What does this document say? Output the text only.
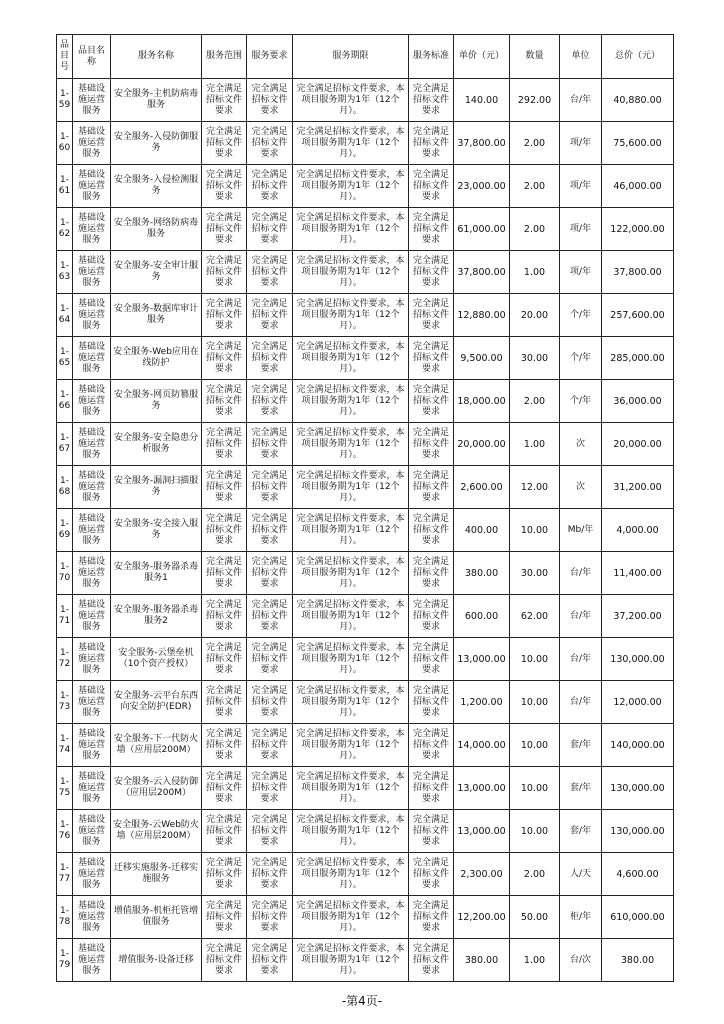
品目号	品目名称	服务名称	服务范围	服务要求	服务期限	服务标准	单价（元）	数量	单位	总价（元）
1-59	基础设施运营服务	安全服务-主机防病毒服务	完全满足招标文件要求	完全满足招标文件要求	完全满足招标文件要求，本项目服务期为1年（12个月）。	完全满足招标文件要求	140.00	292.00	台/年	40,880.00
1-60	基础设施运营服务	安全服务-入侵防御服务	完全满足招标文件要求	完全满足招标文件要求	完全满足招标文件要求，本项目服务期为1年（12个月）。	完全满足招标文件要求	37,800.00	2.00	项/年	75,600.00
1-61	基础设施运营服务	安全服务-入侵检测服务	完全满足招标文件要求	完全满足招标文件要求	完全满足招标文件要求，本项目服务期为1年（12个月）。	完全满足招标文件要求	23,000.00	2.00	项/年	46,000.00
1-62	基础设施运营服务	安全服务-网络防病毒服务	完全满足招标文件要求	完全满足招标文件要求	完全满足招标文件要求，本项目服务期为1年（12个月）。	完全满足招标文件要求	61,000.00	2.00	项/年	122,000.00
1-63	基础设施运营服务	安全服务-安全审计服务	完全满足招标文件要求	完全满足招标文件要求	完全满足招标文件要求，本项目服务期为1年（12个月）。	完全满足招标文件要求	37,800.00	1.00	项/年	37,800.00
1-64	基础设施运营服务	安全服务-数据库审计服务	完全满足招标文件要求	完全满足招标文件要求	完全满足招标文件要求，本项目服务期为1年（12个月）。	完全满足招标文件要求	12,880.00	20.00	个/年	257,600.00
1-65	基础设施运营服务	安全服务-Web应用在线防护	完全满足招标文件要求	完全满足招标文件要求	完全满足招标文件要求，本项目服务期为1年（12个月）。	完全满足招标文件要求	9,500.00	30.00	个/年	285,000.00
1-66	基础设施运营服务	安全服务-网页防篡服务	完全满足招标文件要求	完全满足招标文件要求	完全满足招标文件要求，本项目服务期为1年（12个月）。	完全满足招标文件要求	18,000.00	2.00	个/年	36,000.00
1-67	基础设施运营服务	安全服务-安全隐患分析服务	完全满足招标文件要求	完全满足招标文件要求	完全满足招标文件要求，本项目服务期为1年（12个月）。	完全满足招标文件要求	20,000.00	1.00	次	20,000.00
1-68	基础设施运营服务	安全服务-漏洞扫描服务	完全满足招标文件要求	完全满足招标文件要求	完全满足招标文件要求，本项目服务期为1年（12个月）。	完全满足招标文件要求	2,600.00	12.00	次	31,200.00
1-69	基础设施运营服务	安全服务-安全接入服务	完全满足招标文件要求	完全满足招标文件要求	完全满足招标文件要求，本项目服务期为1年（12个月）。	完全满足招标文件要求	400.00	10.00	Mb/年	4,000.00
1-70	基础设施运营服务	安全服务-服务器杀毒服务1	完全满足招标文件要求	完全满足招标文件要求	完全满足招标文件要求，本项目服务期为1年（12个月）。	完全满足招标文件要求	380.00	30.00	台/年	11,400.00
1-71	基础设施运营服务	安全服务-服务器杀毒服务2	完全满足招标文件要求	完全满足招标文件要求	完全满足招标文件要求，本项目服务期为1年（12个月）。	完全满足招标文件要求	600.00	62.00	台/年	37,200.00
1-72	基础设施运营服务	安全服务-云堡垒机（10个资产授权）	完全满足招标文件要求	完全满足招标文件要求	完全满足招标文件要求，本项目服务期为1年（12个月）。	完全满足招标文件要求	13,000.00	10.00	台/年	130,000.00
1-73	基础设施运营服务	安全服务-云平台东西向安全防护(EDR)	完全满足招标文件要求	完全满足招标文件要求	完全满足招标文件要求，本项目服务期为1年（12个月）。	完全满足招标文件要求	1,200.00	10.00	台/年	12,000.00
1-74	基础设施运营服务	安全服务-下一代防火墙（应用层200M）	完全满足招标文件要求	完全满足招标文件要求	完全满足招标文件要求，本项目服务期为1年（12个月）。	完全满足招标文件要求	14,000.00	10.00	套/年	140,000.00
1-75	基础设施运营服务	安全服务-云入侵防御（应用层200M）	完全满足招标文件要求	完全满足招标文件要求	完全满足招标文件要求，本项目服务期为1年（12个月）。	完全满足招标文件要求	13,000.00	10.00	套/年	130,000.00
1-76	基础设施运营服务	安全服务-云Web防火墙（应用层200M）	完全满足招标文件要求	完全满足招标文件要求	完全满足招标文件要求，本项目服务期为1年（12个月）。	完全满足招标文件要求	13,000.00	10.00	套/年	130,000.00
1-77	基础设施运营服务	迁移实施服务-迁移实施服务	完全满足招标文件要求	完全满足招标文件要求	完全满足招标文件要求，本项目服务期为1年（12个月）。	完全满足招标文件要求	2,300.00	2.00	人/天	4,600.00
1-78	基础设施运营服务	增值服务-机柜托管增值服务	完全满足招标文件要求	完全满足招标文件要求	完全满足招标文件要求，本项目服务期为1年（12个月）。	完全满足招标文件要求	12,200.00	50.00	柜/年	610,000.00
1-79	基础设施运营服务	增值服务-设备迁移	完全满足招标文件要求	完全满足招标文件要求	完全满足招标文件要求，本项目服务期为1年（12个月）。	完全满足招标文件要求	380.00	1.00	台/次	380.00
-第4页-
